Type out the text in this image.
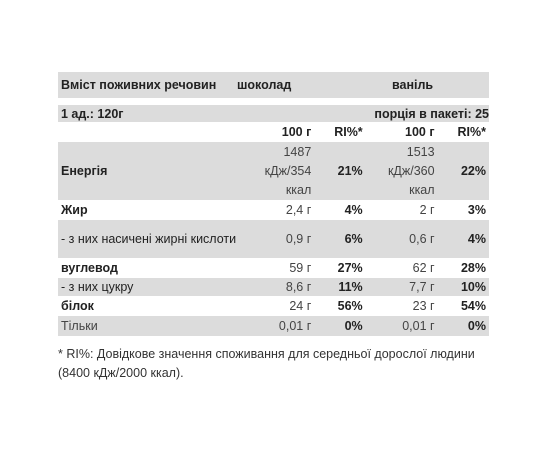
Вміст поживних речовин	шоколад	ваніль
1 ад.: 120г	порція в пакеті: 25
	100 г	RI%*	100 г	RI%*
Енергія	1487 кДж/354 ккал	21%	1513 кДж/360 ккал	22%
Жир	2,4 г	4%	2 г	3%
- з них насичені жирні кислоти	0,9 г	6%	0,6 г	4%
вуглевод	59 г	27%	62 г	28%
- з них цукру	8,6 г	11%	7,7 г	10%
білок	24 г	56%	23 г	54%
Тільки	0,01 г	0%	0,01 г	0%
* RI%: Довідкове значення споживання для середньої дорослої людини (8400 кДж/2000 ккал).
